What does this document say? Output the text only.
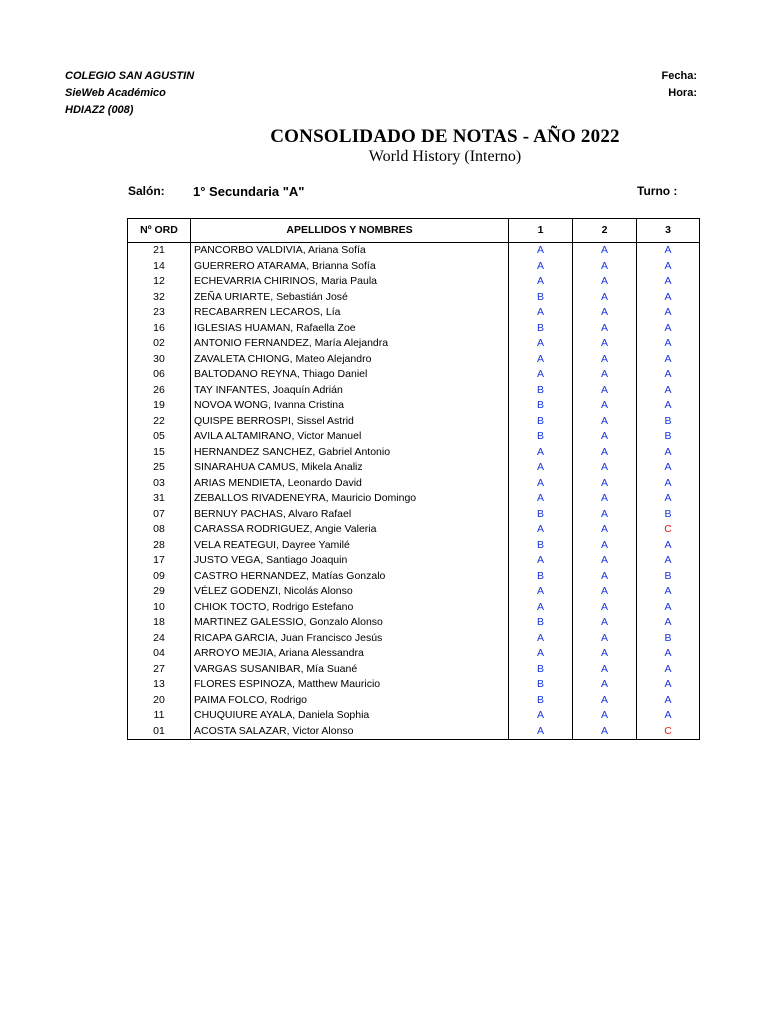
COLEGIO SAN AGUSTIN
SieWeb Académico
HDIAZ2 (008)
Fecha:
Hora:
CONSOLIDADO DE NOTAS - AÑO 2022
World History (Interno)
Salón: 1° Secundaria "A"	Turno :
Nº ORD	APELLIDOS Y NOMBRES	1	2	3
21	PANCORBO VALDIVIA, Ariana Sofía	A	A	A
14	GUERRERO ATARAMA, Brianna Sofía	A	A	A
12	ECHEVARRIA CHIRINOS, Maria Paula	A	A	A
32	ZEÑA URIARTE, Sebastián José	B	A	A
23	RECABARREN LECAROS, Lía	A	A	A
16	IGLESIAS HUAMAN, Rafaella Zoe	B	A	A
02	ANTONIO FERNANDEZ, María Alejandra	A	A	A
30	ZAVALETA CHIONG, Mateo Alejandro	A	A	A
06	BALTODANO REYNA, Thiago Daniel	A	A	A
26	TAY INFANTES, Joaquín Adrián	B	A	A
19	NOVOA WONG, Ivanna Cristina	B	A	A
22	QUISPE BERROSPI, Sissel Astrid	B	A	B
05	AVILA ALTAMIRANO, Victor Manuel	B	A	B
15	HERNANDEZ SANCHEZ, Gabriel Antonio	A	A	A
25	SINARAHUA CAMUS, Mikela Analiz	A	A	A
03	ARIAS MENDIETA, Leonardo David	A	A	A
31	ZEBALLOS RIVADENEYRA, Mauricio Domingo	A	A	A
07	BERNUY PACHAS, Alvaro Rafael	B	A	B
08	CARASSA RODRIGUEZ, Angie Valeria	A	A	C
28	VELA REATEGUI, Dayree Yamilé	B	A	A
17	JUSTO VEGA, Santiago Joaquin	A	A	A
09	CASTRO HERNANDEZ, Matías Gonzalo	B	A	B
29	VÉLEZ GODENZI, Nicolás Alonso	A	A	A
10	CHIOK TOCTO, Rodrigo Estefano	A	A	A
18	MARTINEZ GALESSIO, Gonzalo Alonso	B	A	A
24	RICAPA GARCIA, Juan Francisco Jesús	A	A	B
04	ARROYO MEJIA, Ariana Alessandra	A	A	A
27	VARGAS SUSANIBAR, Mía Suané	B	A	A
13	FLORES ESPINOZA, Matthew Mauricio	B	A	A
20	PAIMA FOLCO, Rodrigo	B	A	A
11	CHUQUIURE AYALA, Daniela Sophia	A	A	A
01	ACOSTA SALAZAR, Victor Alonso	A	A	C
